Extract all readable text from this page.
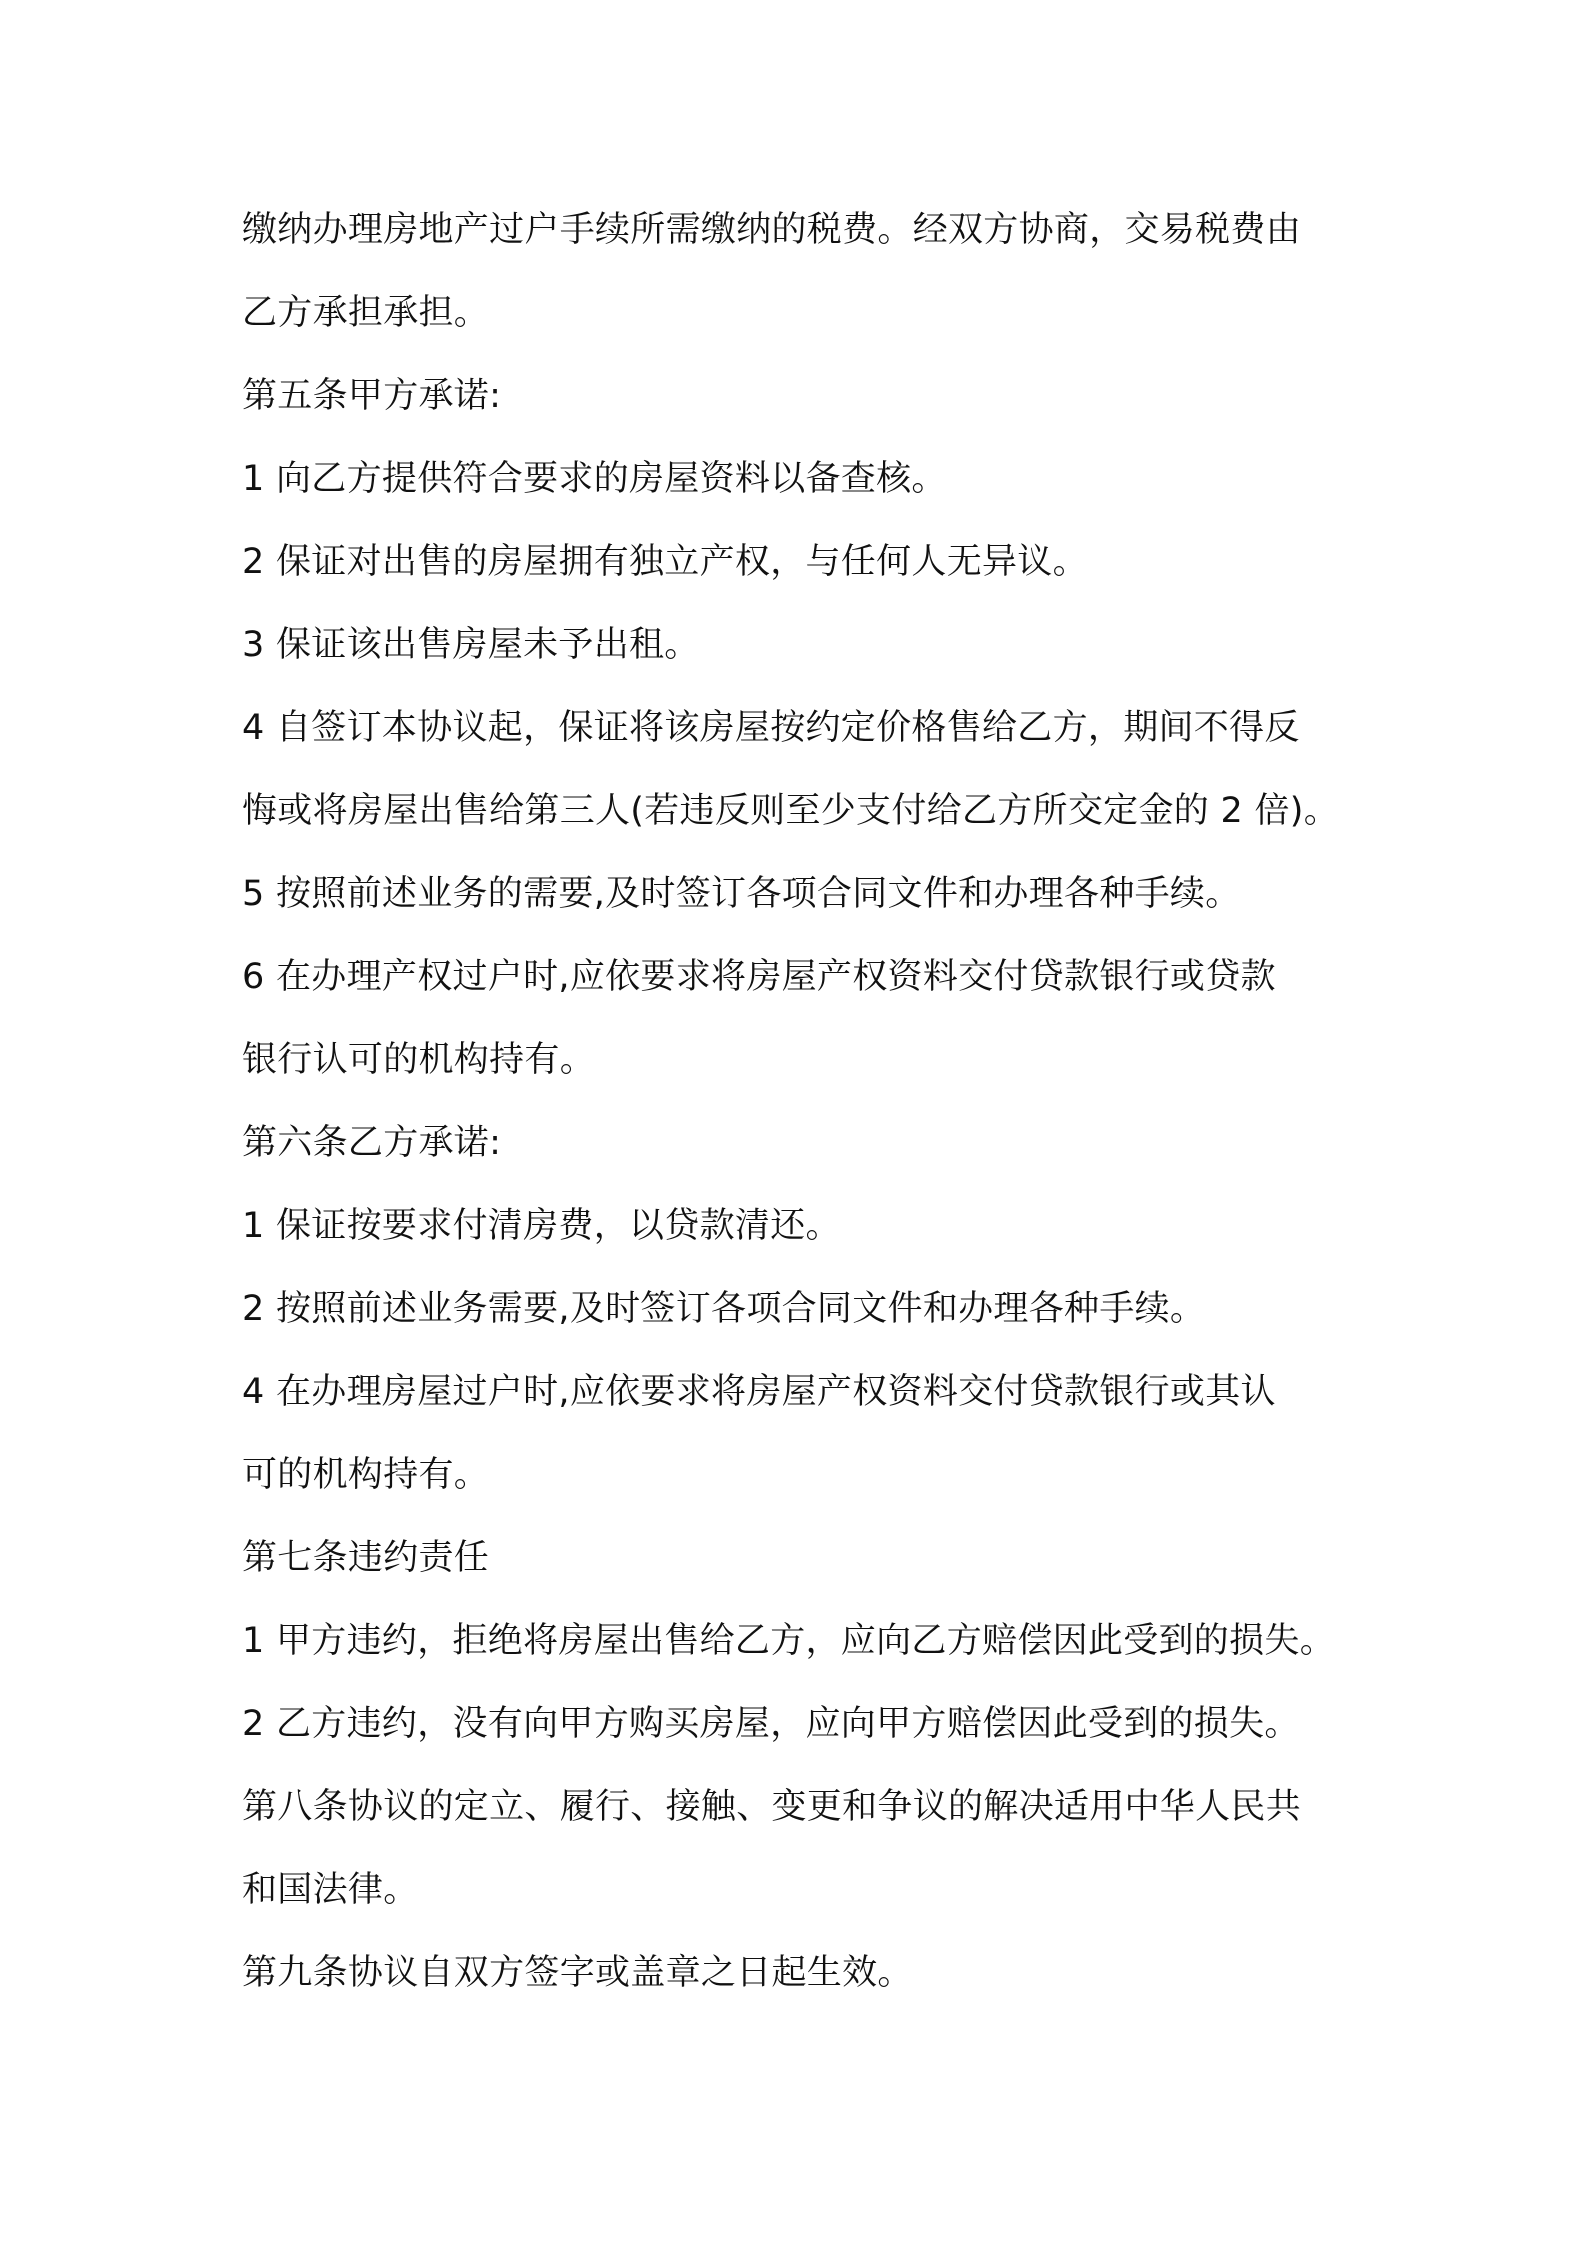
缴纳办理房地产过户手续所需缴纳的税费。经双方协商，交易税费由
乙方承担承担。
第五条甲方承诺:
1 向乙方提供符合要求的房屋资料以备查核。
2 保证对出售的房屋拥有独立产权，与任何人无异议。
3 保证该出售房屋未予出租。
4 自签订本协议起，保证将该房屋按约定价格售给乙方，期间不得反
悔或将房屋出售给第三人(若违反则至少支付给乙方所交定金的 2 倍)。
5 按照前述业务的需要,及时签订各项合同文件和办理各种手续。
6 在办理产权过户时,应依要求将房屋产权资料交付贷款银行或贷款
银行认可的机构持有。
第六条乙方承诺:
1 保证按要求付清房费，以贷款清还。
2 按照前述业务需要,及时签订各项合同文件和办理各种手续。
4 在办理房屋过户时,应依要求将房屋产权资料交付贷款银行或其认
可的机构持有。
第七条违约责任
1 甲方违约，拒绝将房屋出售给乙方，应向乙方赔偿因此受到的损失。
2 乙方违约，没有向甲方购买房屋，应向甲方赔偿因此受到的损失。
第八条协议的定立、履行、接触、变更和争议的解决适用中华人民共
和国法律。
第九条协议自双方签字或盖章之日起生效。
